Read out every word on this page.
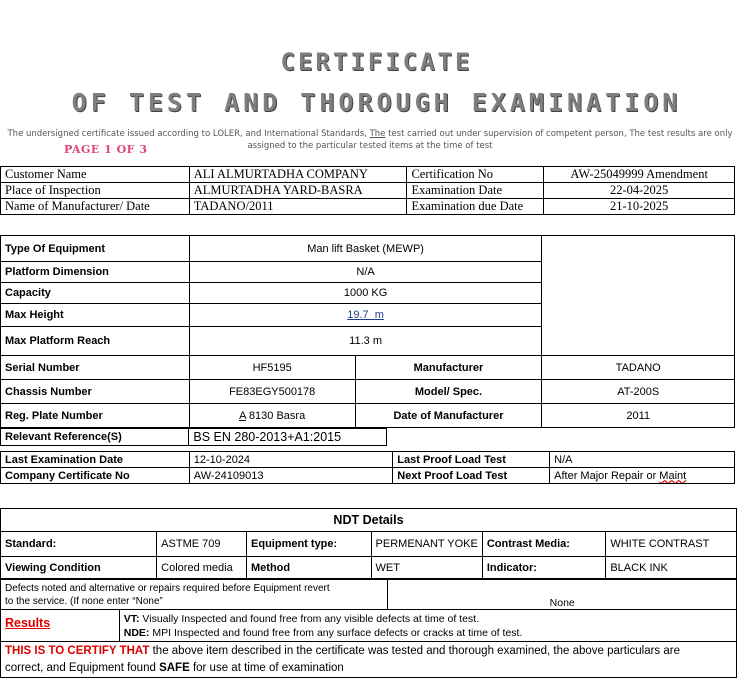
CERTIFICATE
OF TEST AND THOROUGH EXAMINATION
The undersigned certificate issued according to LOLER, and International Standards, The test carried out under supervision of competent person, The test results are only
assigned to the particular tested items at the time of test
PAGE 1 OF 3
Customer Name	ALI ALMURTADHA COMPANY	Certification No	AW-25049999 Amendment
Place of Inspection	ALMURTADHA YARD-BASRA	Examination Date	22-04-2025
Name of Manufacturer/ Date	TADANO/2011	Examination due Date	21-10-2025
Type Of Equipment	Man lift Basket (MEWP)		
Platform Dimension	N/A		
Capacity	1000 KG		
Max Height	19.7  m		
Max Platform Reach	11.3 m		
Serial Number	HF5195	Manufacturer	TADANO
Chassis Number	FE83EGY500178	Model/ Spec.	AT-200S
Reg. Plate Number	A 8130 Basra	Date of Manufacturer	2011
Relevant Reference(S)	BS EN 280-2013+A1:2015
Last Examination Date	12-10-2024	Last Proof Load Test	N/A
Company Certificate No	AW-24109013	Next Proof Load Test	After Major Repair or Maint
NDT Details					
Standard:	ASTME 709	Equipment type:	PERMENANT YOKE	Contrast Media:	WHITE CONTRAST
Viewing Condition	Colored media	Method	WET	Indicator:	BLACK INK
Defects noted and alternative or repairs required before Equipment revert
to the service. (If none enter “None”		None
Results	VT: Visually Inspected and found free from any visible defects at time of test.
NDE: MPI Inspected and found free from any surface defects or cracks at time of test.	
THIS IS TO CERTIFY THAT the above item described in the certificate was tested and thorough examined, the above particulars are
correct, and Equipment found SAFE for use at time of examination		
